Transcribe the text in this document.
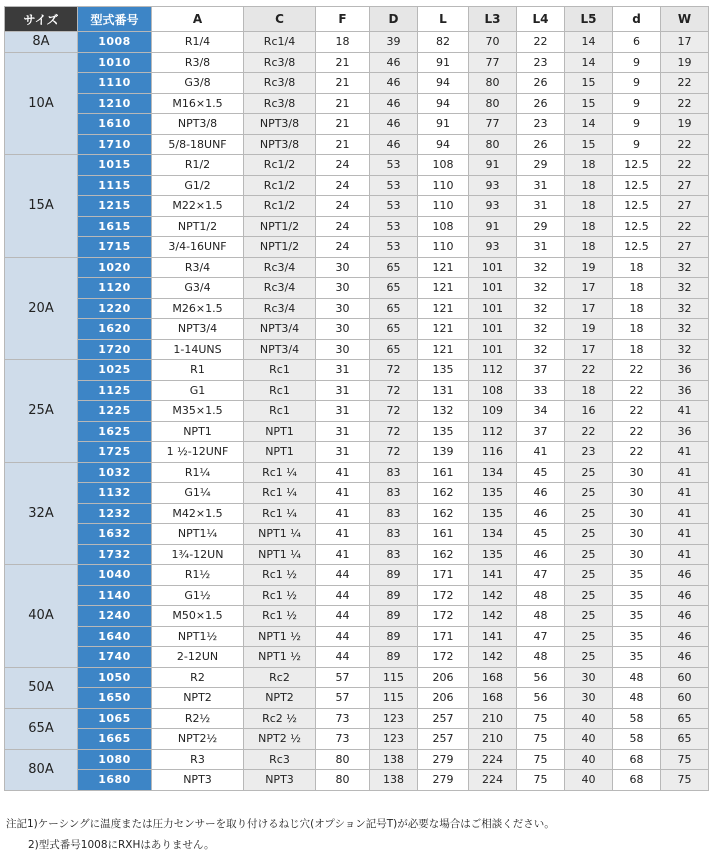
サイズ	型式番号	A	C	F	D	L	L3	L4	L5	d	W
8A	1008	R1/4	Rc1/4	18	39	82	70	22	14	6	17
10A	1010	R3/8	Rc3/8	21	46	91	77	23	14	9	19
	1110	G3/8	Rc3/8	21	46	94	80	26	15	9	22
	1210	M16×1.5	Rc3/8	21	46	94	80	26	15	9	22
	1610	NPT3/8	NPT3/8	21	46	91	77	23	14	9	19
	1710	5/8-18UNF	NPT3/8	21	46	94	80	26	15	9	22
15A	1015	R1/2	Rc1/2	24	53	108	91	29	18	12.5	22
	1115	G1/2	Rc1/2	24	53	110	93	31	18	12.5	27
	1215	M22×1.5	Rc1/2	24	53	110	93	31	18	12.5	27
	1615	NPT1/2	NPT1/2	24	53	108	91	29	18	12.5	22
	1715	3/4-16UNF	NPT1/2	24	53	110	93	31	18	12.5	27
20A	1020	R3/4	Rc3/4	30	65	121	101	32	19	18	32
	1120	G3/4	Rc3/4	30	65	121	101	32	17	18	32
	1220	M26×1.5	Rc3/4	30	65	121	101	32	17	18	32
	1620	NPT3/4	NPT3/4	30	65	121	101	32	19	18	32
	1720	1-14UNS	NPT3/4	30	65	121	101	32	17	18	32
25A	1025	R1	Rc1	31	72	135	112	37	22	22	36
	1125	G1	Rc1	31	72	131	108	33	18	22	36
	1225	M35×1.5	Rc1	31	72	132	109	34	16	22	41
	1625	NPT1	NPT1	31	72	135	112	37	22	22	36
	1725	1 ½-12UNF	NPT1	31	72	139	116	41	23	22	41
32A	1032	R1¼	Rc1 ¼	41	83	161	134	45	25	30	41
	1132	G1¼	Rc1 ¼	41	83	162	135	46	25	30	41
	1232	M42×1.5	Rc1 ¼	41	83	162	135	46	25	30	41
	1632	NPT1¼	NPT1 ¼	41	83	161	134	45	25	30	41
	1732	1¾-12UN	NPT1 ¼	41	83	162	135	46	25	30	41
40A	1040	R1½	Rc1 ½	44	89	171	141	47	25	35	46
	1140	G1½	Rc1 ½	44	89	172	142	48	25	35	46
	1240	M50×1.5	Rc1 ½	44	89	172	142	48	25	35	46
	1640	NPT1½	NPT1 ½	44	89	171	141	47	25	35	46
	1740	2-12UN	NPT1 ½	44	89	172	142	48	25	35	46
50A	1050	R2	Rc2	57	115	206	168	56	30	48	60
	1650	NPT2	NPT2	57	115	206	168	56	30	48	60
65A	1065	R2½	Rc2 ½	73	123	257	210	75	40	58	65
	1665	NPT2½	NPT2 ½	73	123	257	210	75	40	58	65
80A	1080	R3	Rc3	80	138	279	224	75	40	68	75
	1680	NPT3	NPT3	80	138	279	224	75	40	68	75
注記1)ケーシングに温度または圧力センサーを取り付けるねじ穴(オプション記号T)が必要な場合はご相談ください。
2)型式番号1008にRXHはありません。
